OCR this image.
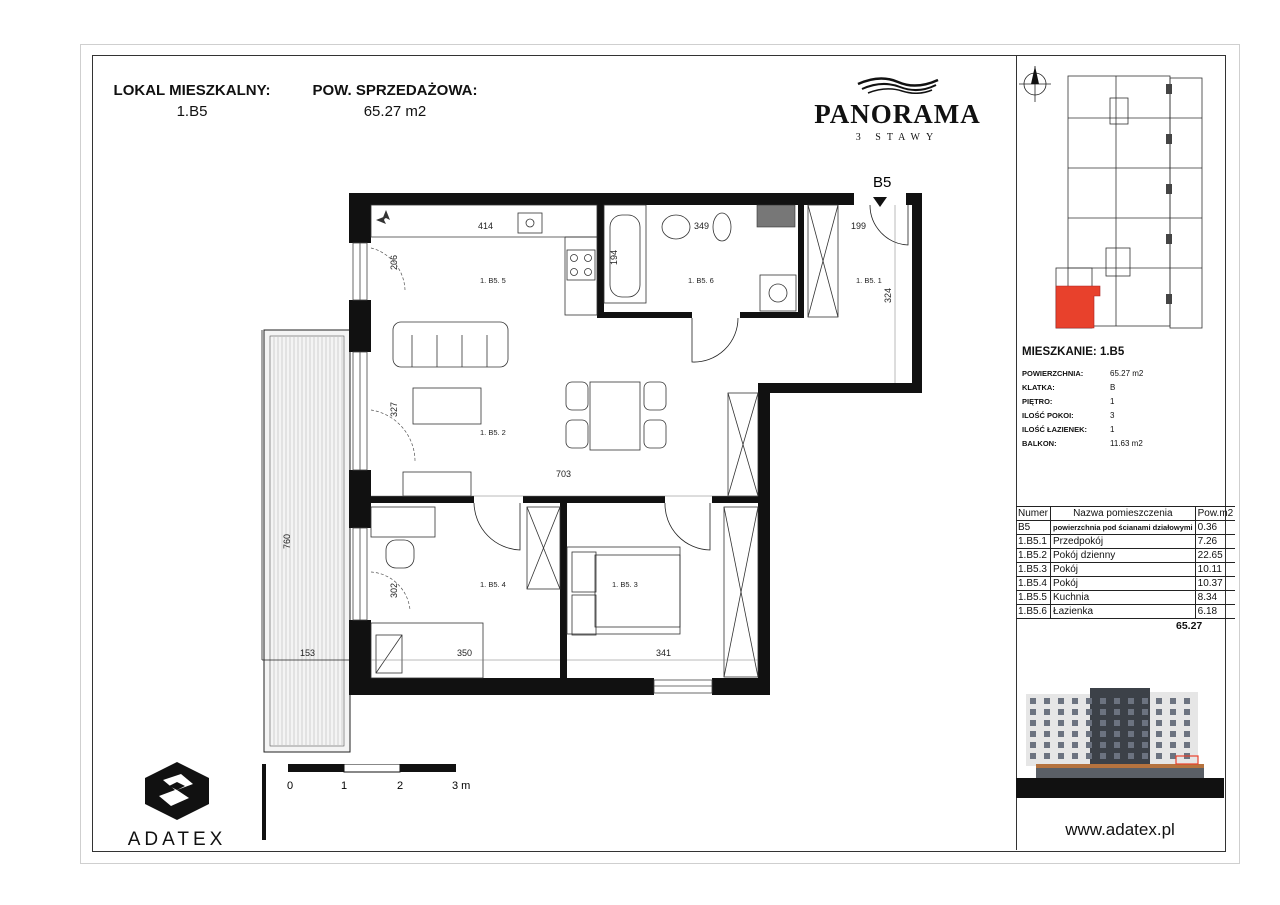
LOKAL MIESZKALNY:
1.B5
POW. SPRZEDAŻOWA:
65.27 m2	PANORAMA
3 STAWY
B5
1. B5. 5	1. B5. 6	1. B5. 1
1. B5. 2
1. B5. 4	1. B5. 3
414	349	199
206	194
324
327
703
302
350	341
760
153
0	1	2	3 m
ADATEX
MIESZKANIE: 1.B5
POWIERZCHNIA:	65.27 m2
KLATKA:	B
PIĘTRO:	1
ILOŚĆ POKOI:	3
ILOŚĆ ŁAZIENEK:	1
BALKON:	11.63 m2
Numer	Nazwa pomieszczenia	Pow.m2
B5	powierzchnia pod ścianami działowymi	0.36
1.B5.1	Przedpokój	7.26
1.B5.2	Pokój dzienny	22.65
1.B5.3	Pokój	10.11
1.B5.4	Pokój	10.37
1.B5.5	Kuchnia	8.34
1.B5.6	Łazienka	6.18
65.27
www.adatex.pl
